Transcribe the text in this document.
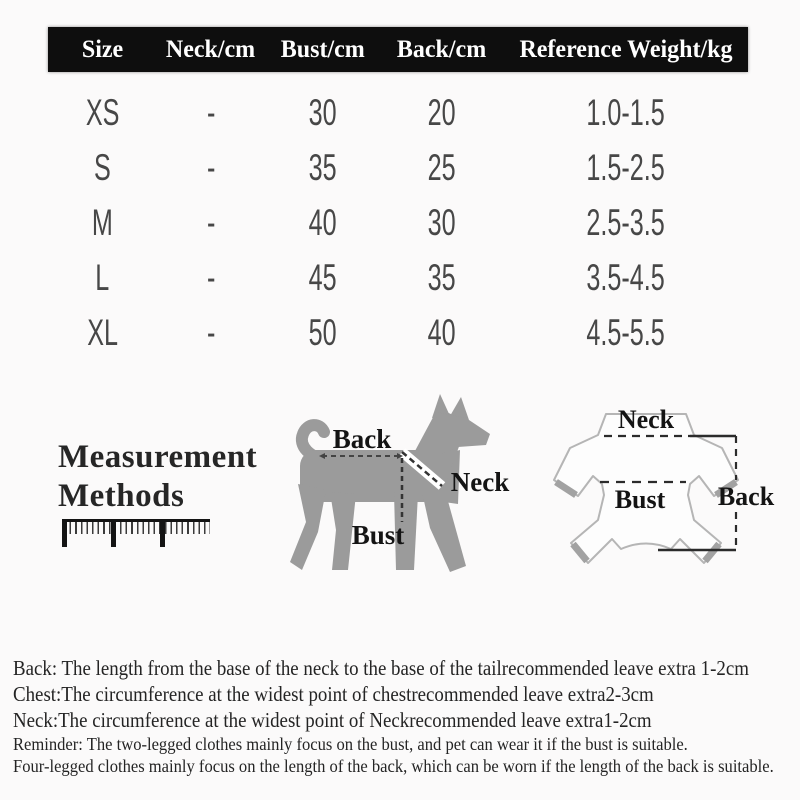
Size Neck/cm Bust/cm Back/cm Reference Weight/kg
XS -	30 20	1.0-1.5
S	-	35 25	1.5-2.5
M	-	40 30	2.5-3.5
L	-	45 35	3.5-4.5
XL -	50 40	4.5-5.5
Measurement
Methods
Back
Neck
Bust
Neck
Bust Back
Back: The length from the base of the neck to the base of the tailrecommended leave extra 1-2cm
Chest:The circumference at the widest point of chestrecommended leave extra2-3cm
Neck:The circumference at the widest point of Neckrecommended leave extra1-2cm
Reminder: The two-legged clothes mainly focus on the bust, and pet can wear it if the bust is suitable.
Four-legged clothes mainly focus on the length of the back, which can be worn if the length of the back is suitable.
